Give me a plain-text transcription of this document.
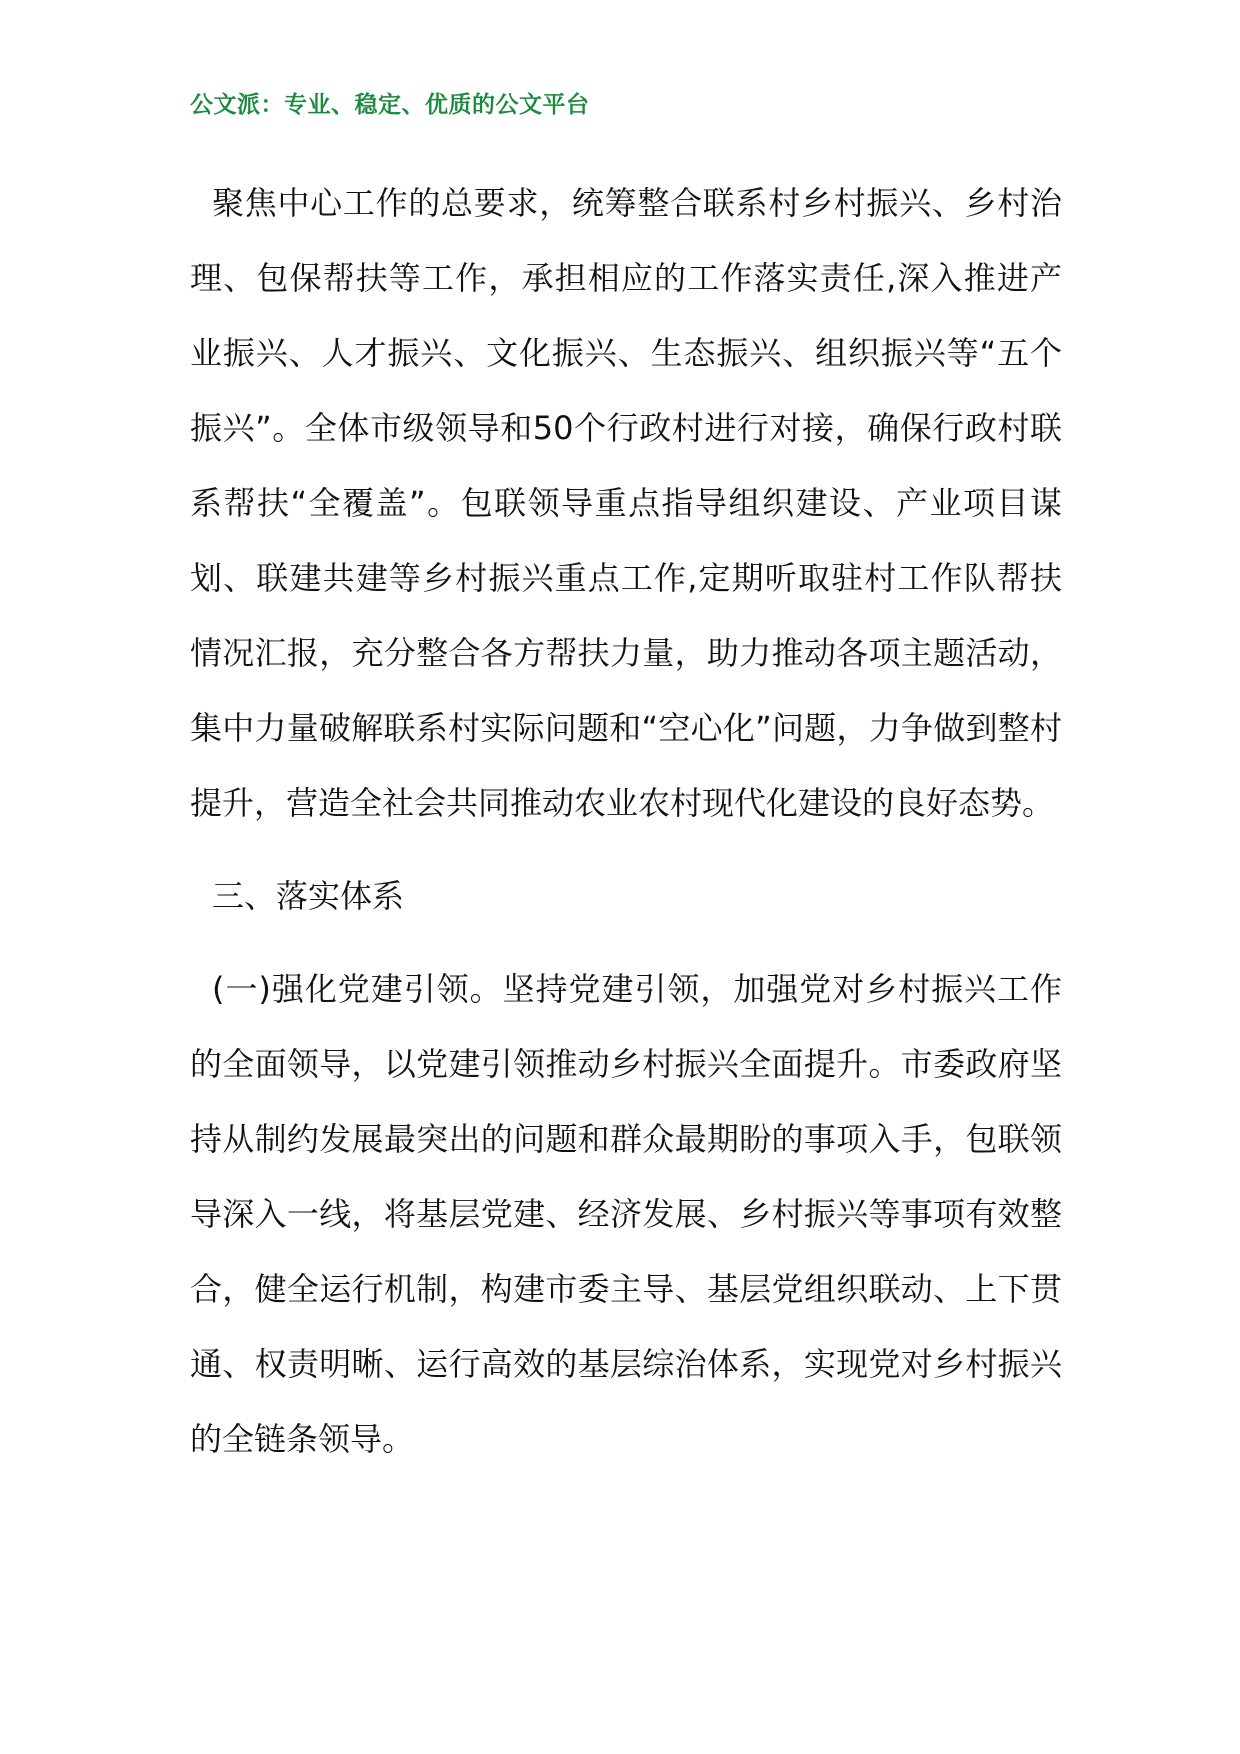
公文派：专业、稳定、优质的公文平台

聚焦中心工作的总要求，统筹整合联系村乡村振兴、乡村治理、包保帮扶等工作，承担相应的工作落实责任,深入推进产业振兴、人才振兴、文化振兴、生态振兴、组织振兴等“五个振兴”。全体市级领导和50个行政村进行对接，确保行政村联系帮扶“全覆盖”。包联领导重点指导组织建设、产业项目谋划、联建共建等乡村振兴重点工作,定期听取驻村工作队帮扶情况汇报，充分整合各方帮扶力量，助力推动各项主题活动，集中力量破解联系村实际问题和“空心化”问题，力争做到整村提升，营造全社会共同推动农业农村现代化建设的良好态势。

三、落实体系

(一)强化党建引领。坚持党建引领，加强党对乡村振兴工作的全面领导，以党建引领推动乡村振兴全面提升。市委政府坚持从制约发展最突出的问题和群众最期盼的事项入手，包联领导深入一线，将基层党建、经济发展、乡村振兴等事项有效整合，健全运行机制，构建市委主导、基层党组织联动、上下贯通、权责明晰、运行高效的基层综治体系，实现党对乡村振兴的全链条领导。
